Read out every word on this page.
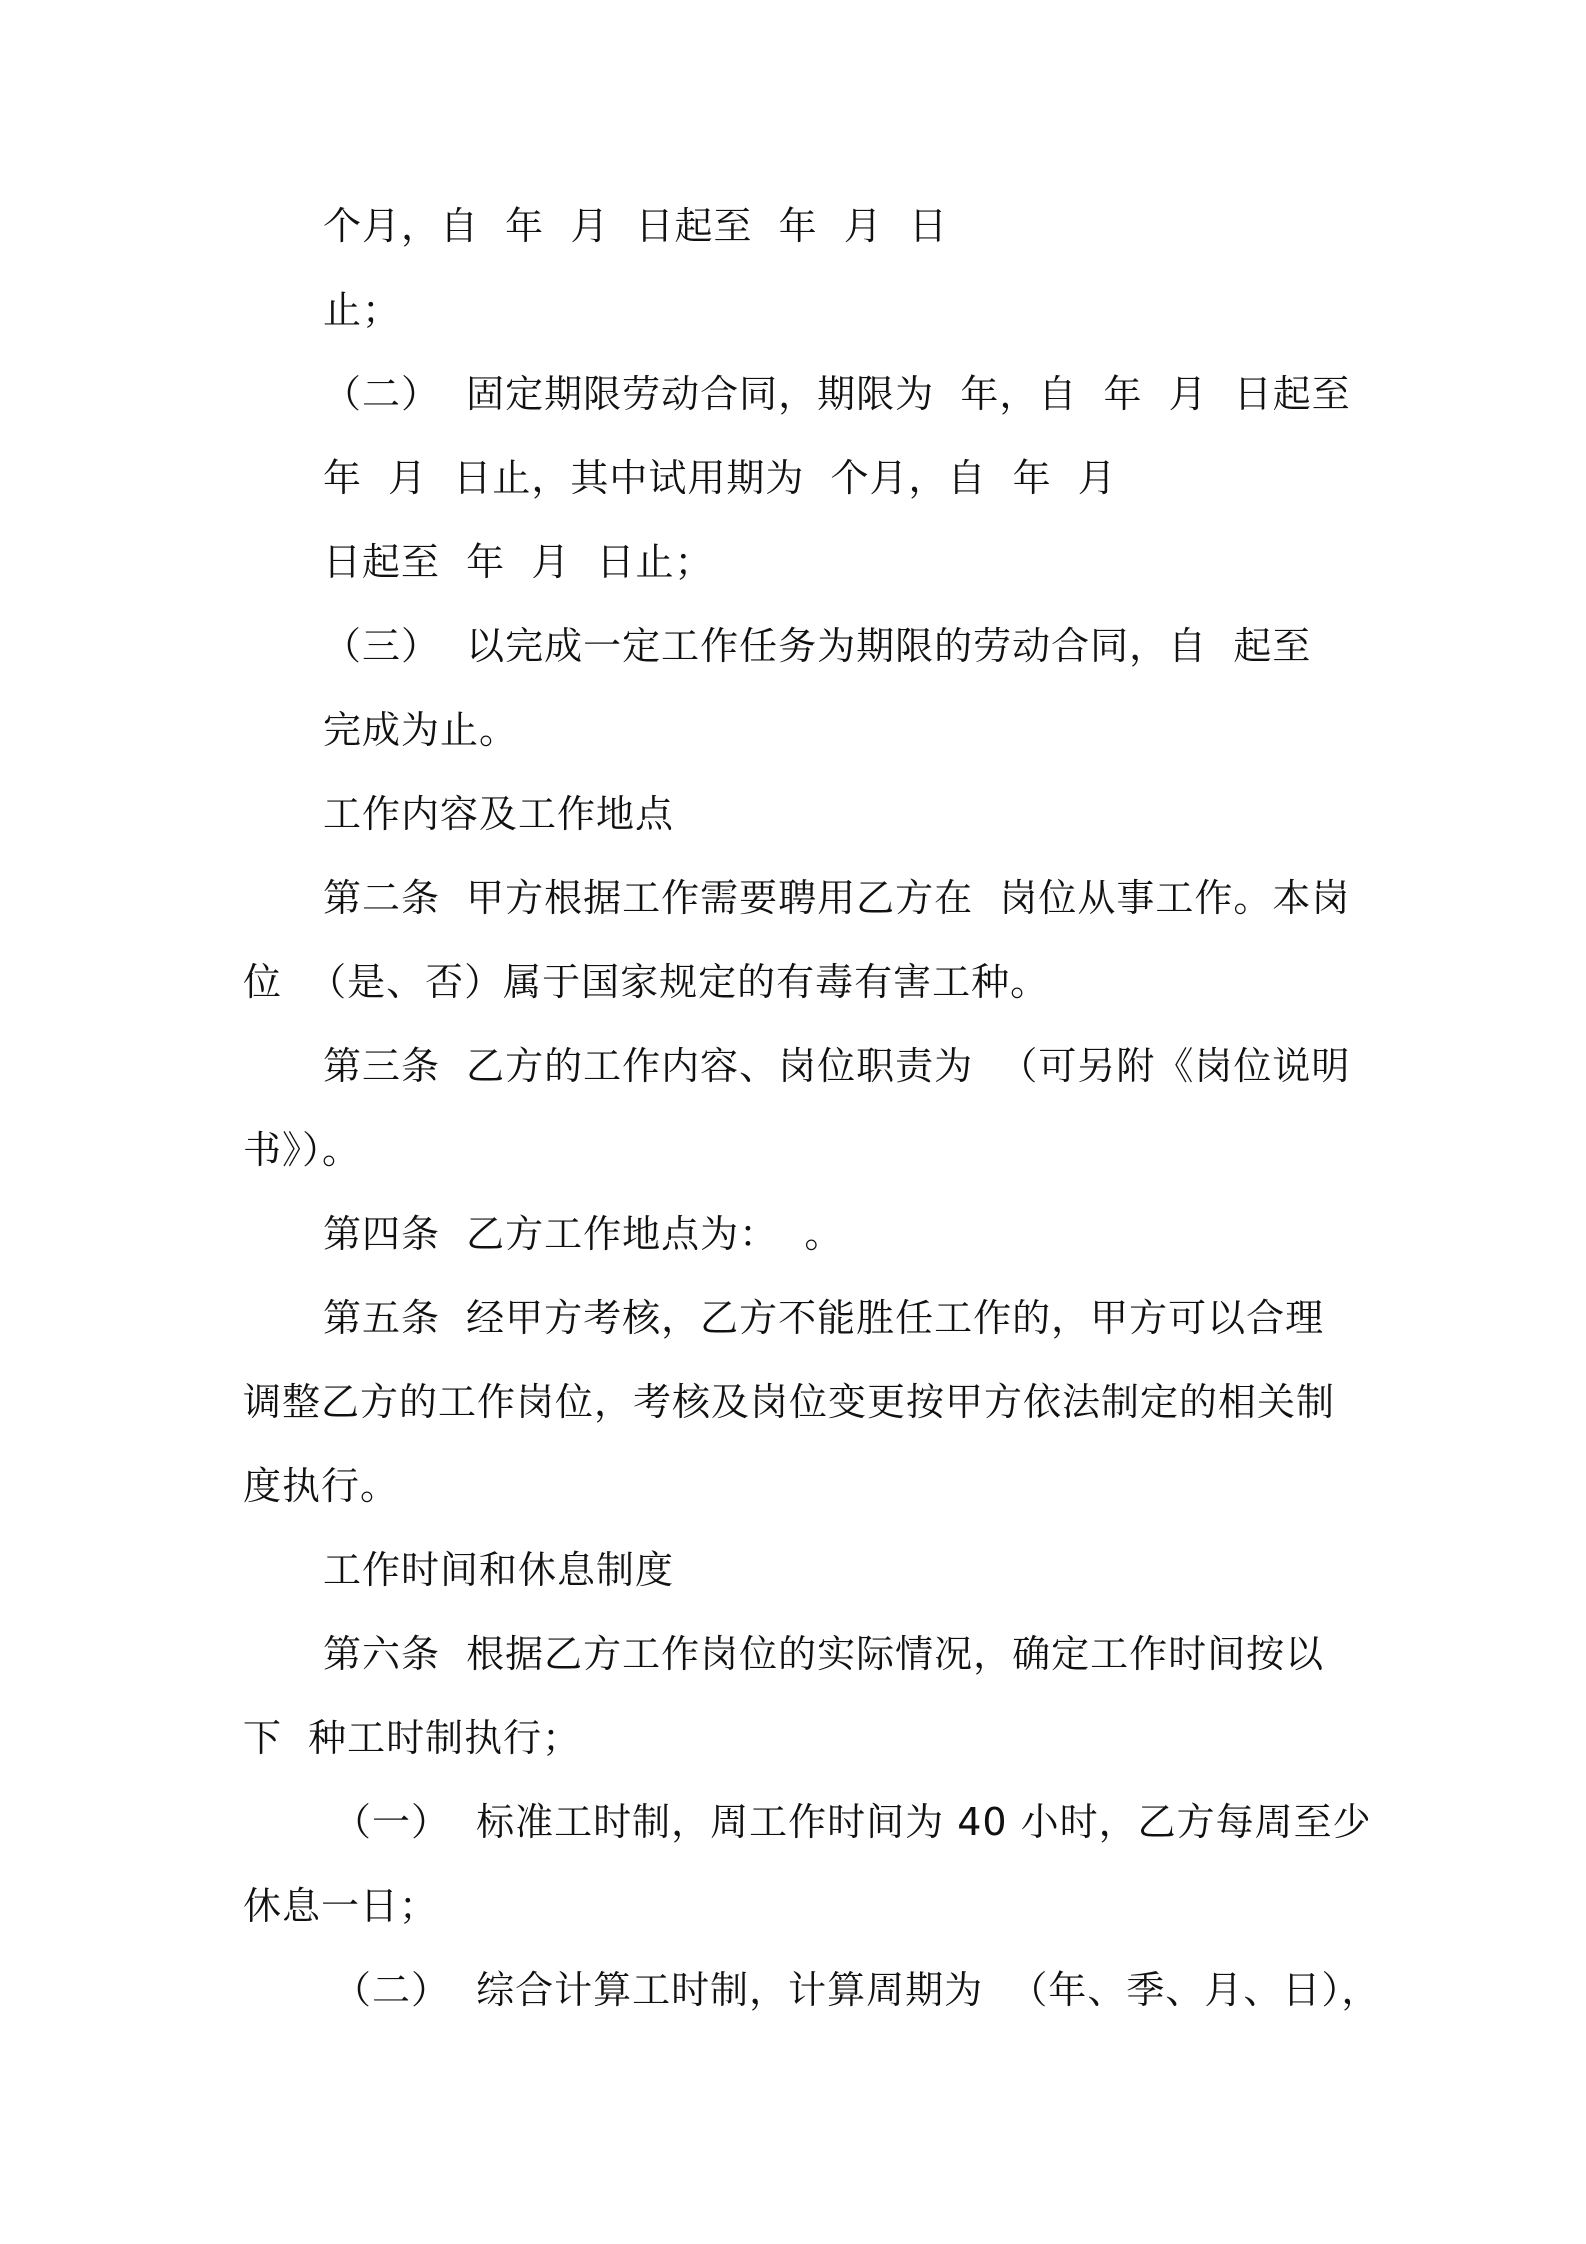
个月，自  年  月  日起至  年  月  日
止；
（二）  固定期限劳动合同，期限为  年，自  年  月  日起至
年  月  日止，其中试用期为  个月，自  年  月
日起至  年  月  日止；
（三）  以完成一定工作任务为期限的劳动合同，自  起至
完成为止。
工作内容及工作地点
第二条  甲方根据工作需要聘用乙方在  岗位从事工作。本岗
位  （是、否）属于国家规定的有毒有害工种。
第三条  乙方的工作内容、岗位职责为  （可另附《岗位说明
书》）。
第四条  乙方工作地点为：  。
第五条  经甲方考核，乙方不能胜任工作的，甲方可以合理
调整乙方的工作岗位，考核及岗位变更按甲方依法制定的相关制
度执行。
工作时间和休息制度
第六条  根据乙方工作岗位的实际情况，确定工作时间按以
下  种工时制执行；
（一）  标准工时制，周工作时间为 40 小时，乙方每周至少
休息一日；
（二）  综合计算工时制，计算周期为  （年、季、月、日），
